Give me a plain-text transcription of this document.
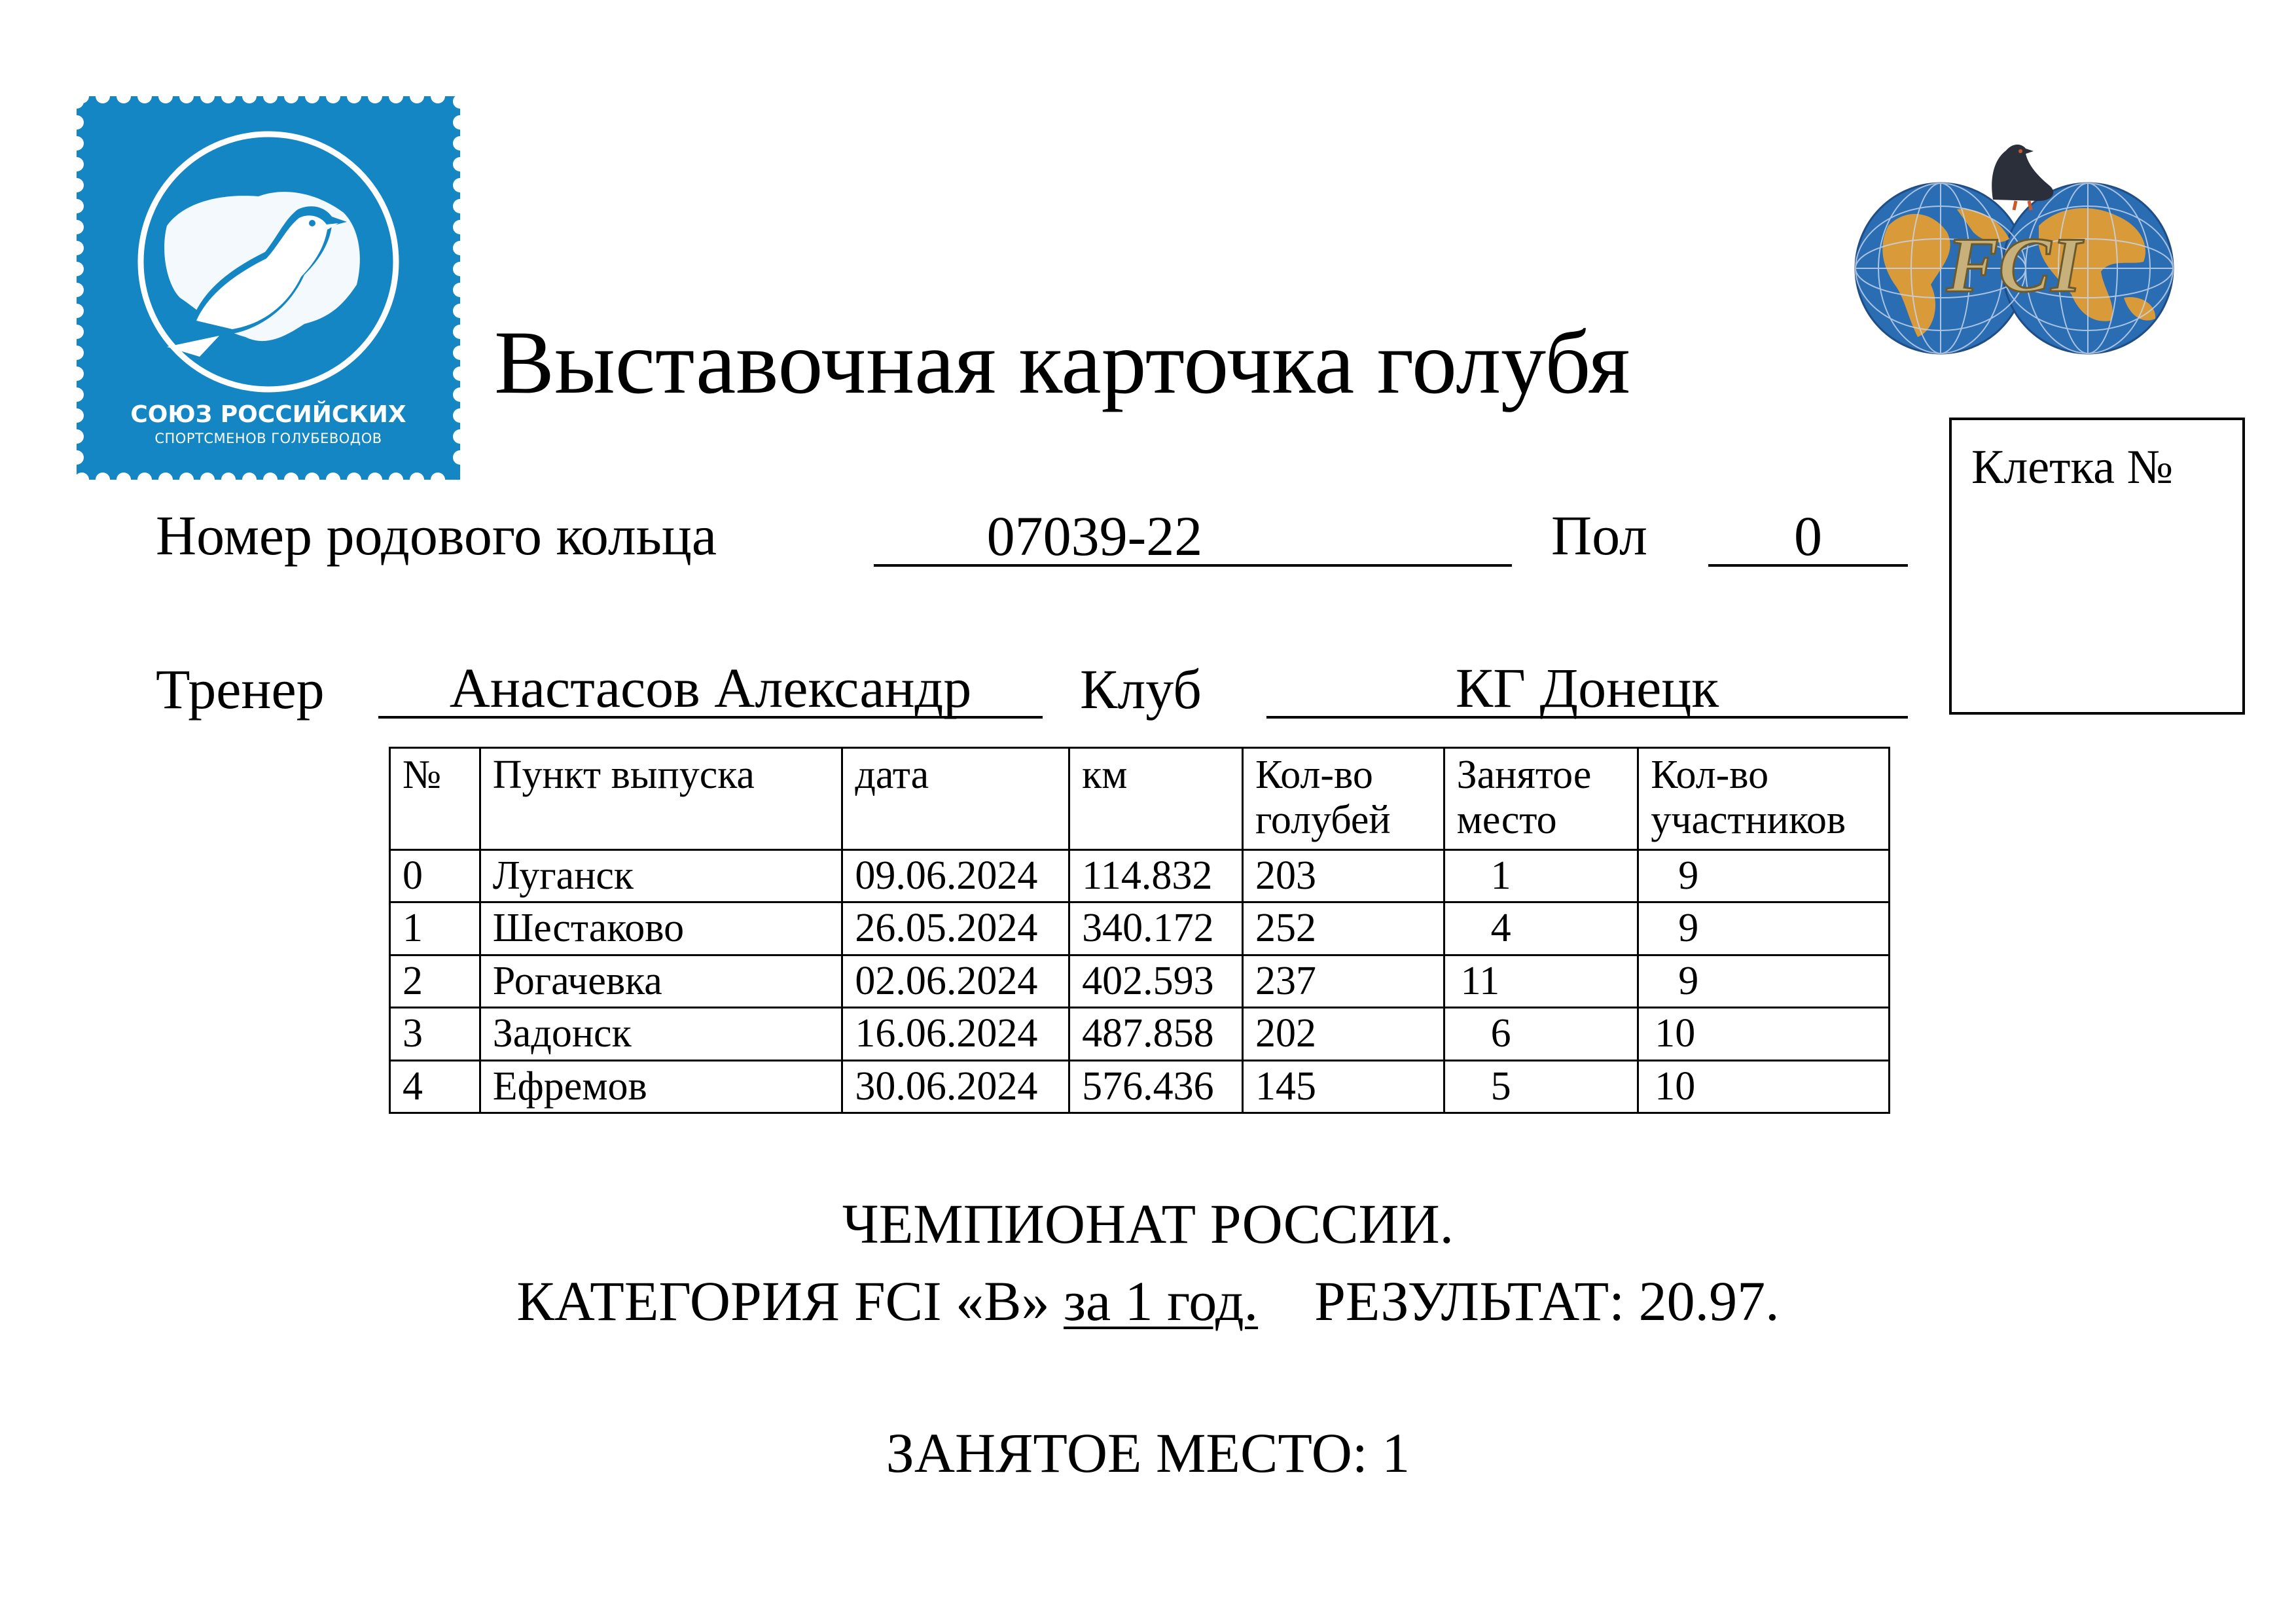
СОЮЗ РОССИЙСКИХ
СПОРТСМЕНОВ ГОЛУБЕВОДОВ
FCI
Выставочная карточка голубя
Клетка №
Номер родового кольца	07039-22	Пол	0
Тренер	Анастасов Александр	Клуб	КГ Донецк
№	Пункт выпуска	дата	км	Кол-во голубей	Занятое место	Кол-во участников
0	Луганск	09.06.2024	114.832	203	1	9
1	Шестаково	26.05.2024	340.172	252	4	9
2	Рогачевка	02.06.2024	402.593	237	11	9
3	Задонск	16.06.2024	487.858	202	6	10
4	Ефремов	30.06.2024	576.436	145	5	10
ЧЕМПИОНАТ РОССИИ.
КАТЕГОРИЯ FCI «B» за 1 год. РЕЗУЛЬТАТ: 20.97.
ЗАНЯТОЕ МЕСТО: 1
